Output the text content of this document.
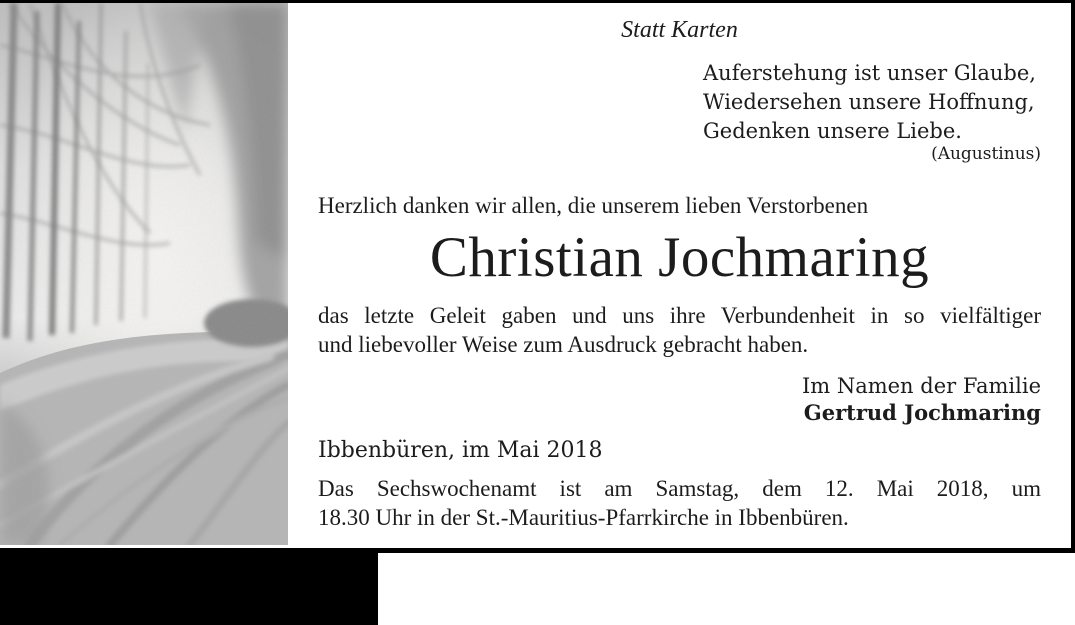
Statt Karten
Auferstehung ist unser Glaube,
Wiedersehen unsere Hoffnung,
Gedenken unsere Liebe.
(Augustinus)
Herzlich danken wir allen, die unserem lieben Verstorbenen
Christian Jochmaring
das letzte Geleit gaben und uns ihre Verbundenheit in so vielfältiger
und liebevoller Weise zum Ausdruck gebracht haben.
Im Namen der Familie
Gertrud Jochmaring
Ibbenbüren, im Mai 2018
Das Sechswochenamt ist am Samstag, dem 12. Mai 2018, um
18.30 Uhr in der St.-Mauritius-Pfarrkirche in Ibbenbüren.
